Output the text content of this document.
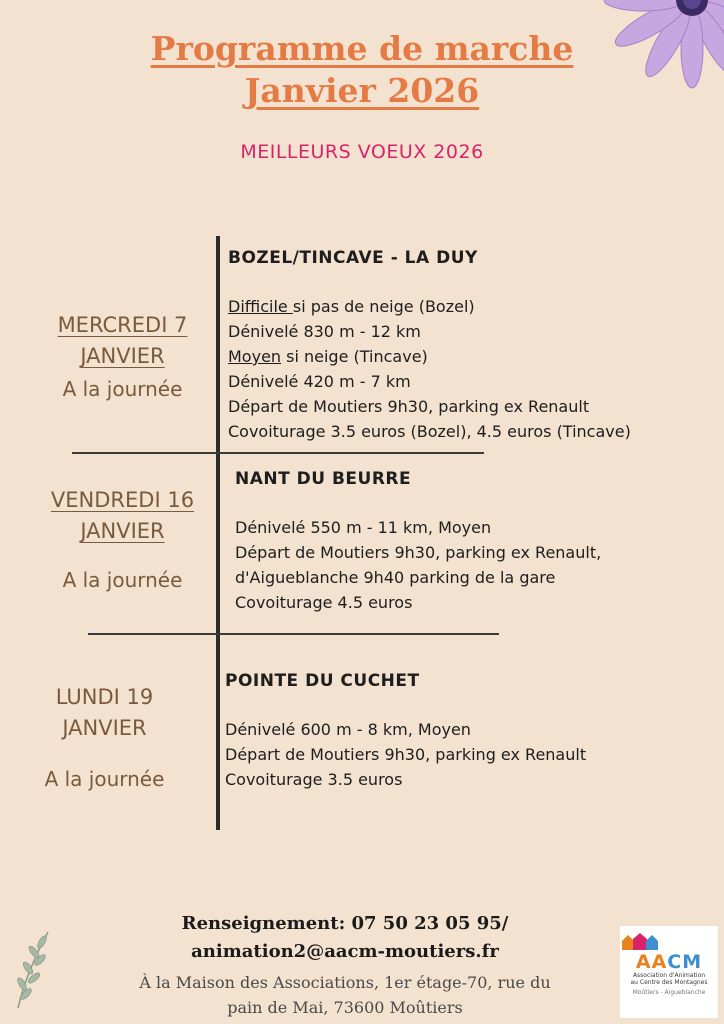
Programme de marche
Janvier 2026
MEILLEURS VOEUX 2026
MERCREDI 7
JANVIER
A la journée
BOZEL/TINCAVE - LA DUY
Difficile si pas de neige (Bozel)
Dénivelé 830 m - 12 km
Moyen si neige (Tincave)
Dénivelé 420 m - 7 km
Départ de Moutiers 9h30, parking ex Renault
Covoiturage 3.5 euros (Bozel), 4.5 euros (Tincave)
VENDREDI 16
JANVIER
A la journée
NANT DU BEURRE
Dénivelé 550 m - 11 km, Moyen
Départ de Moutiers 9h30, parking ex Renault,
d'Aigueblanche 9h40 parking de la gare
Covoiturage 4.5 euros
LUNDI 19
JANVIER
A la journée
POINTE DU CUCHET
Dénivelé 600 m - 8 km, Moyen
Départ de Moutiers 9h30, parking ex Renault
Covoiturage 3.5 euros
Renseignement: 07 50 23 05 95/
animation2@aacm-moutiers.fr
À la Maison des Associations, 1er étage-70, rue du
pain de Mai, 73600 Moûtiers
AACM
Association d'Animation
au Centre des Montagnes
Moûtiers - Aigueblanche
